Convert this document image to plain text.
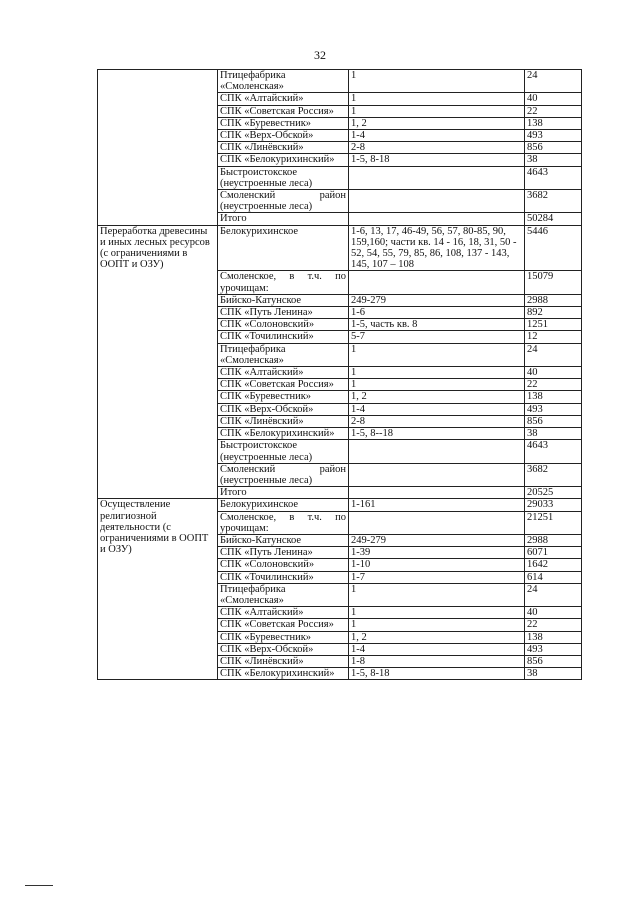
32
	Птицефабрика «Смоленская»	1	24
	СПК «Алтайский»	1	40
	СПК «Советская Россия»	1	22
	СПК «Буревестник»	1, 2	138
	СПК «Верх-Обской»	1-4	493
	СПК «Линёвский»	2-8	856
	СПК «Белокурихинский»	1-5, 8-18	38
	Быстроистокское (неустроенные леса)		4643
	Смоленский район (неустроенные леса)		3682
	Итого		50284
Переработка древесины и иных лесных ресурсов (с ограничениями в ООПТ и ОЗУ)	Белокурихинское	1-6, 13, 17, 46-49, 56, 57, 80-85, 90, 159,160; части кв. 14 - 16, 18, 31, 50 - 52, 54, 55, 79, 85, 86, 108, 137 - 143, 145, 107 – 108	5446
	Смоленское, в т.ч. по урочищам:		15079
	Бийско-Катунское	249-279	2988
	СПК «Путь Ленина»	1-6	892
	СПК «Солоновский»	1-5, часть кв. 8	1251
	СПК «Точилинский»	5-7	12
	Птицефабрика «Смоленская»	1	24
	СПК «Алтайский»	1	40
	СПК «Советская Россия»	1	22
	СПК «Буревестник»	1, 2	138
	СПК «Верх-Обской»	1-4	493
	СПК «Линёвский»	2-8	856
	СПК «Белокурихинский»	1-5, 8--18	38
	Быстроистокское (неустроенные леса)		4643
	Смоленский район (неустроенные леса)		3682
	Итого		20525
Осуществление религиозной деятельности (с ограничениями в ООПТ и ОЗУ)	Белокурихинское	1-161	29033
	Смоленское, в т.ч. по урочищам:		21251
	Бийско-Катунское	249-279	2988
	СПК «Путь Ленина»	1-39	6071
	СПК «Солоновский»	1-10	1642
	СПК «Точилинский»	1-7	614
	Птицефабрика «Смоленская»	1	24
	СПК «Алтайский»	1	40
	СПК «Советская Россия»	1	22
	СПК «Буревестник»	1, 2	138
	СПК «Верх-Обской»	1-4	493
	СПК «Линёвский»	1-8	856
	СПК «Белокурихинский»	1-5, 8-18	38
